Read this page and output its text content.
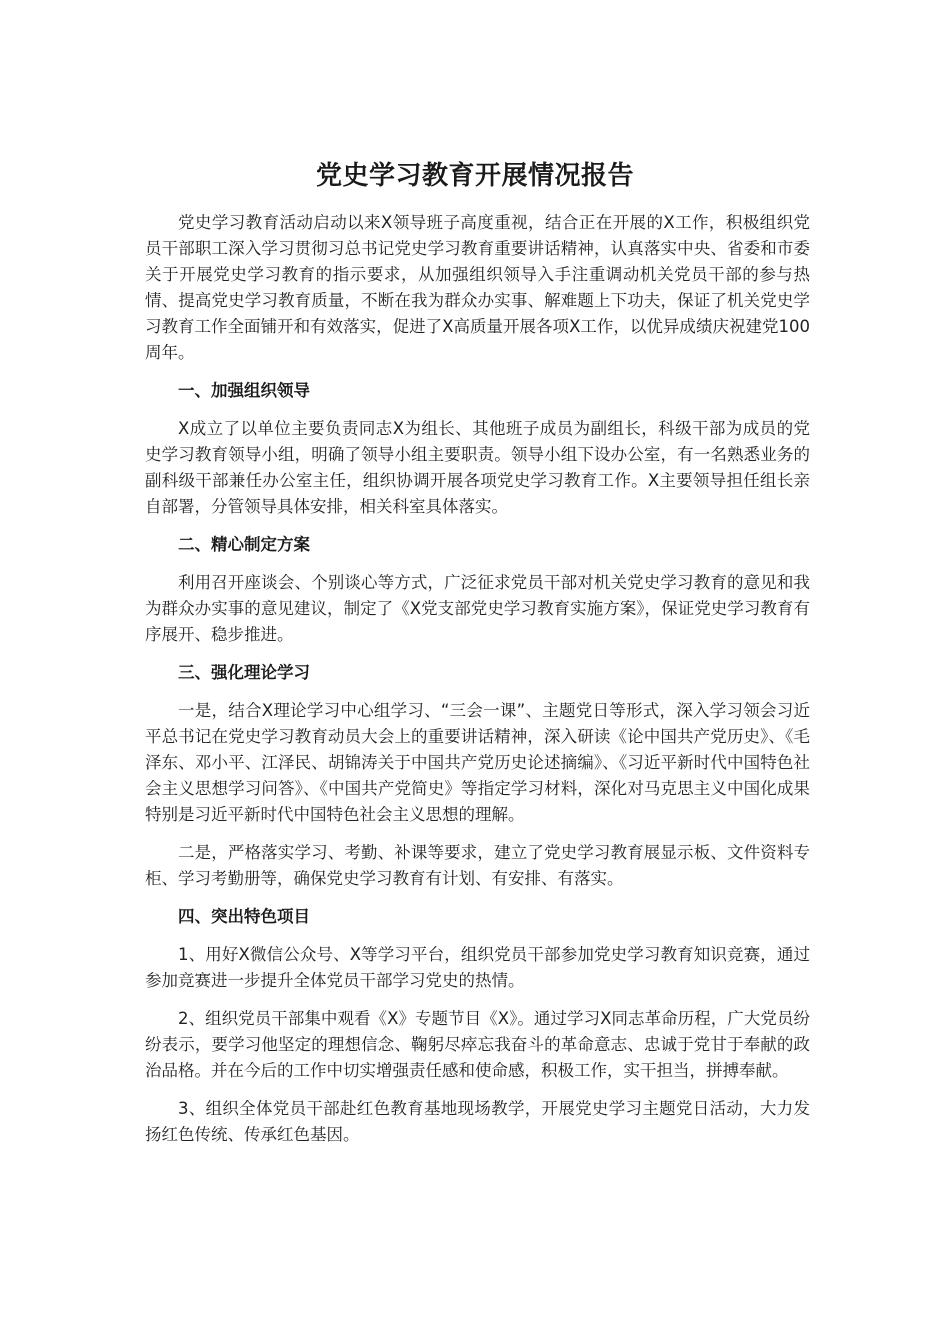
党史学习教育开展情况报告

党史学习教育活动启动以来X领导班子高度重视，结合正在开展的X工作，积极组织党员干部职工深入学习贯彻习总书记党史学习教育重要讲话精神，认真落实中央、省委和市委关于开展党史学习教育的指示要求，从加强组织领导入手注重调动机关党员干部的参与热情、提高党史学习教育质量，不断在我为群众办实事、解难题上下功夫，保证了机关党史学习教育工作全面铺开和有效落实，促进了X高质量开展各项X工作，以优异成绩庆祝建党100周年。

一、加强组织领导

X成立了以单位主要负责同志X为组长、其他班子成员为副组长，科级干部为成员的党史学习教育领导小组，明确了领导小组主要职责。领导小组下设办公室，有一名熟悉业务的副科级干部兼任办公室主任，组织协调开展各项党史学习教育工作。X主要领导担任组长亲自部署，分管领导具体安排，相关科室具体落实。

二、精心制定方案

利用召开座谈会、个别谈心等方式，广泛征求党员干部对机关党史学习教育的意见和我为群众办实事的意见建议，制定了《X党支部党史学习教育实施方案》，保证党史学习教育有序展开、稳步推进。

三、强化理论学习

一是，结合X理论学习中心组学习、“三会一课”、主题党日等形式，深入学习领会习近平总书记在党史学习教育动员大会上的重要讲话精神，深入研读《论中国共产党历史》、《毛泽东、邓小平、江泽民、胡锦涛关于中国共产党历史论述摘编》、《习近平新时代中国特色社会主义思想学习问答》、《中国共产党简史》等指定学习材料，深化对马克思主义中国化成果特别是习近平新时代中国特色社会主义思想的理解。

二是，严格落实学习、考勤、补课等要求，建立了党史学习教育展显示板、文件资料专柜、学习考勤册等，确保党史学习教育有计划、有安排、有落实。

四、突出特色项目

1、用好X微信公众号、X等学习平台，组织党员干部参加党史学习教育知识竞赛，通过参加竞赛进一步提升全体党员干部学习党史的热情。

2、组织党员干部集中观看《X》专题节目《X》。通过学习X同志革命历程，广大党员纷纷表示，要学习他坚定的理想信念、鞠躬尽瘁忘我奋斗的革命意志、忠诚于党甘于奉献的政治品格。并在今后的工作中切实增强责任感和使命感，积极工作，实干担当，拼搏奉献。

3、组织全体党员干部赴红色教育基地现场教学，开展党史学习主题党日活动，大力发扬红色传统、传承红色基因。
